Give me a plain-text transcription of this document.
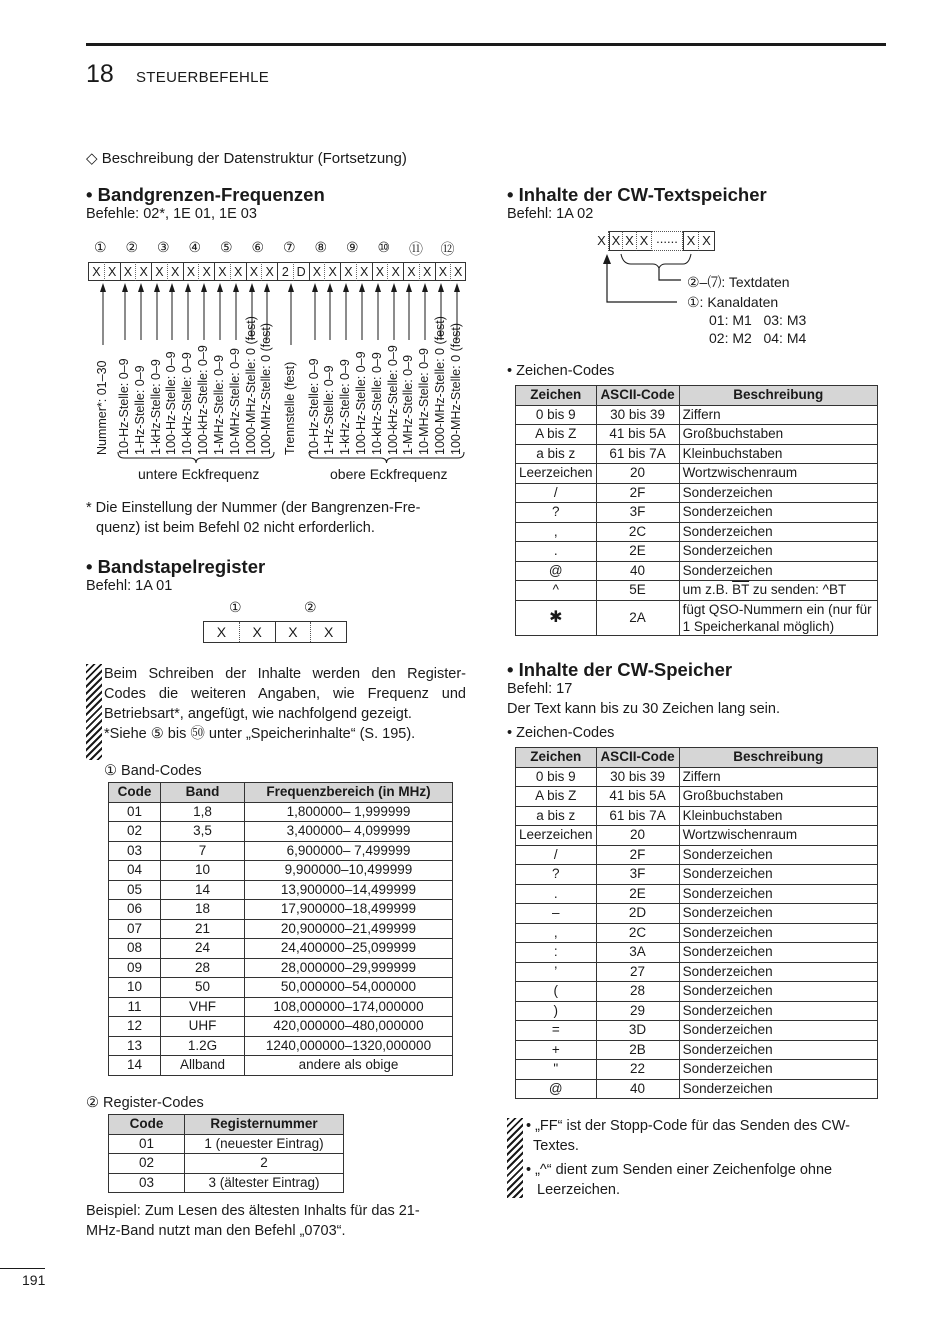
18 STEUERBEFEHLE
◇ Beschreibung der Datenstruktur (Fortsetzung)
• Bandgrenzen-Frequenzen
Befehle: 02*, 1E 01, 1E 03
① ② ③ ④ ⑤ ⑥ ⑦ ⑧ ⑨ ⑩ ⑪ ⑫
X X X X X X X X X X X X 2 D X X X X X X X X X X
Nummer*: 01–30 10-Hz-Stelle: 0–9 1-Hz-Stelle: 0–9 1-kHz-Stelle: 0–9 100-Hz-Stelle: 0–9 10-kHz-Stelle: 0–9 100-kHz-Stelle: 0–9 1-MHz-Stelle: 0–9 10-MHz-Stelle: 0–9 1000-MHz-Stelle: 0 (fest) 100-MHz-Stelle: 0 (fest) Trennstelle (fest) 10-Hz-Stelle: 0–9 1-Hz-Stelle: 0–9 1-kHz-Stelle: 0–9 100-Hz-Stelle: 0–9 10-kHz-Stelle: 0–9 100-kHz-Stelle: 0–9 1-MHz-Stelle: 0–9 10-MHz-Stelle: 0–9 1000-MHz-Stelle: 0 (fest) 100-MHz-Stelle: 0 (fest)
untere Eckfrequenz	obere Eckfrequenz
* Die Einstellung der Nummer (der Bangrenzen-Fre-
quenz) ist beim Befehl 02 nicht erforderlich.
• Bandstapelregister
Befehl: 1A 01
①	②
X	X	X	X
Beim Schreiben der Inhalte werden den Register-
Codes die weiteren Angaben, wie Frequenz und
Betriebsart*, angefügt, wie nachfolgend gezeigt.
*Siehe ⑤ bis ㊿ unter „Speicherinhalte“ (S. 195).
① Band-Codes
Code	Band	Frequenzbereich (in MHz)
01	1,8	1,800000– 1,999999
02	3,5	3,400000– 4,099999
03	7	6,900000– 7,499999
04	10	9,900000–10,499999
05	14	13,900000–14,499999
06	18	17,900000–18,499999
07	21	20,900000–21,499999
08	24	24,400000–25,099999
09	28	28,000000–29,999999
10	50	50,000000–54,000000
11	VHF	108,000000–174,000000
12	UHF	420,000000–480,000000
13	1.2G	1240,000000–1320,000000
14	Allband	andere als obige
② Register-Codes
Code	Registernummer
01	1 (neuester Eintrag)
02	2
03	3 (ältester Eintrag)
Beispiel: Zum Lesen des ältesten Inhalts für das 21-
MHz-Band nutzt man den Befehl „0703“.
• Inhalte der CW-Textspeicher
Befehl: 1A 02
X X X X ...... X X
②–⑺: Textdaten
①: Kanaldaten
01: M1   03: M3
02: M2   04: M4
• Zeichen-Codes
Zeichen	ASCII-Code	Beschreibung
0 bis 9	30 bis 39	Ziffern
A bis Z	41 bis 5A	Großbuchstaben
a bis z	61 bis 7A	Kleinbuchstaben
Leerzeichen	20	Wortzwischenraum
/	2F	Sonderzeichen
?	3F	Sonderzeichen
,	2C	Sonderzeichen
.	2E	Sonderzeichen
@	40	Sonderzeichen
^	5E	um z.B. $\overline{BT}$ zu senden: ^BT
✱	2A	fügt QSO-Nummern ein (nur für 1 Speicherkanal möglich)
• Inhalte der CW-Speicher
Befehl: 17
Der Text kann bis zu 30 Zeichen lang sein.
• Zeichen-Codes
Zeichen	ASCII-Code	Beschreibung
0 bis 9	30 bis 39	Ziffern
A bis Z	41 bis 5A	Großbuchstaben
a bis z	61 bis 7A	Kleinbuchstaben
Leerzeichen	20	Wortzwischenraum
/	2F	Sonderzeichen
?	3F	Sonderzeichen
.	2E	Sonderzeichen
–	2D	Sonderzeichen
,	2C	Sonderzeichen
:	3A	Sonderzeichen
’	27	Sonderzeichen
(	28	Sonderzeichen
)	29	Sonderzeichen
=	3D	Sonderzeichen
+	2B	Sonderzeichen
"	22	Sonderzeichen
@	40	Sonderzeichen
• „FF“ ist der Stopp-Code für das Senden des CW-
Textes.
• „^“ dient zum Senden einer Zeichenfolge ohne
Leerzeichen.
191
